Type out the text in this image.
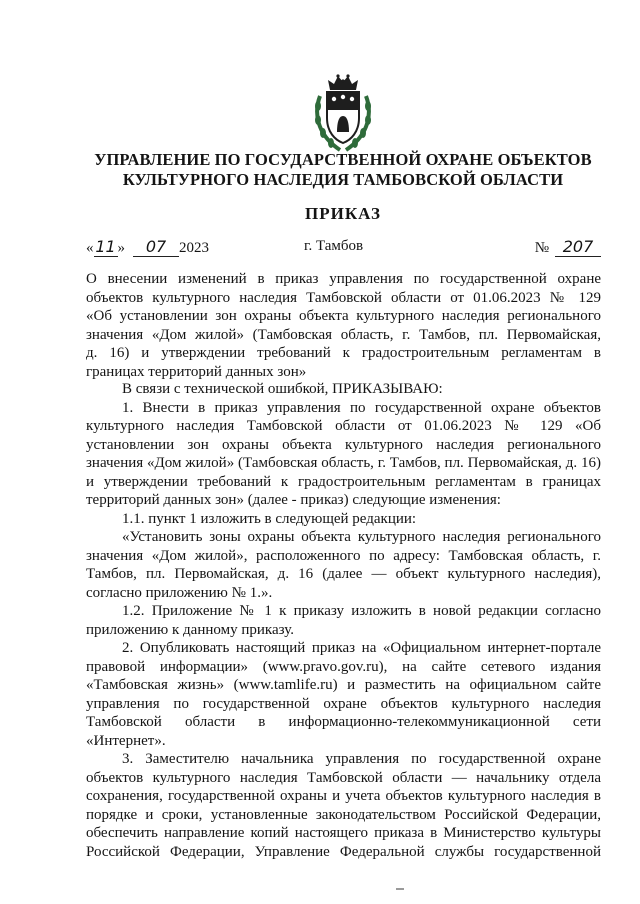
УПРАВЛЕНИЕ ПО ГОСУДАРСТВЕННОЙ ОХРАНЕ ОБЪЕКТОВ
КУЛЬТУРНОГО НАСЛЕДИЯ ТАМБОВСКОЙ ОБЛАСТИ
ПРИКАЗ
« 11 » 07 2023	г. Тамбов	№ 207
О внесении изменений в приказ управления по государственной охране
объектов культурного наследия Тамбовской области от 01.06.2023 № 129
«Об установлении зон охраны объекта культурного наследия регионального
значения «Дом жилой» (Тамбовская область, г. Тамбов, пл. Первомайская,
д. 16) и утверждении требований к градостроительным регламентам в
границах территорий данных зон»

В связи с технической ошибкой, ПРИКАЗЫВАЮ:

1. Внести в приказ управления по государственной охране объектов культурного наследия Тамбовской области от 01.06.2023 № 129 «Об установлении зон охраны объекта культурного наследия регионального значения «Дом жилой» (Тамбовская область, г. Тамбов, пл. Первомайская, д. 16) и утверждении требований к градостроительным регламентам в границах территорий данных зон» (далее - приказ) следующие изменения:

1.1. пункт 1 изложить в следующей редакции:

«Установить зоны охраны объекта культурного наследия регионального значения «Дом жилой», расположенного по адресу: Тамбовская область, г. Тамбов, пл. Первомайская, д. 16 (далее — объект культурного наследия), согласно приложению № 1.».

1.2. Приложение № 1 к приказу изложить в новой редакции согласно приложению к данному приказу.

2. Опубликовать настоящий приказ на «Официальном интернет-портале правовой информации» (www.pravo.gov.ru), на сайте сетевого издания «Тамбовская жизнь» (www.tamlife.ru) и разместить на официальном сайте управления по государственной охране объектов культурного наследия Тамбовской области в информационно-телекоммуникационной сети «Интернет».

3. Заместителю начальника управления по государственной охране объектов культурного наследия Тамбовской области — начальнику отдела сохранения, государственной охраны и учета объектов культурного наследия в порядке и сроки, установленные законодательством Российской Федерации, обеспечить направление копий настоящего приказа в Министерство культуры Российской Федерации, Управление Федеральной службы государственной
